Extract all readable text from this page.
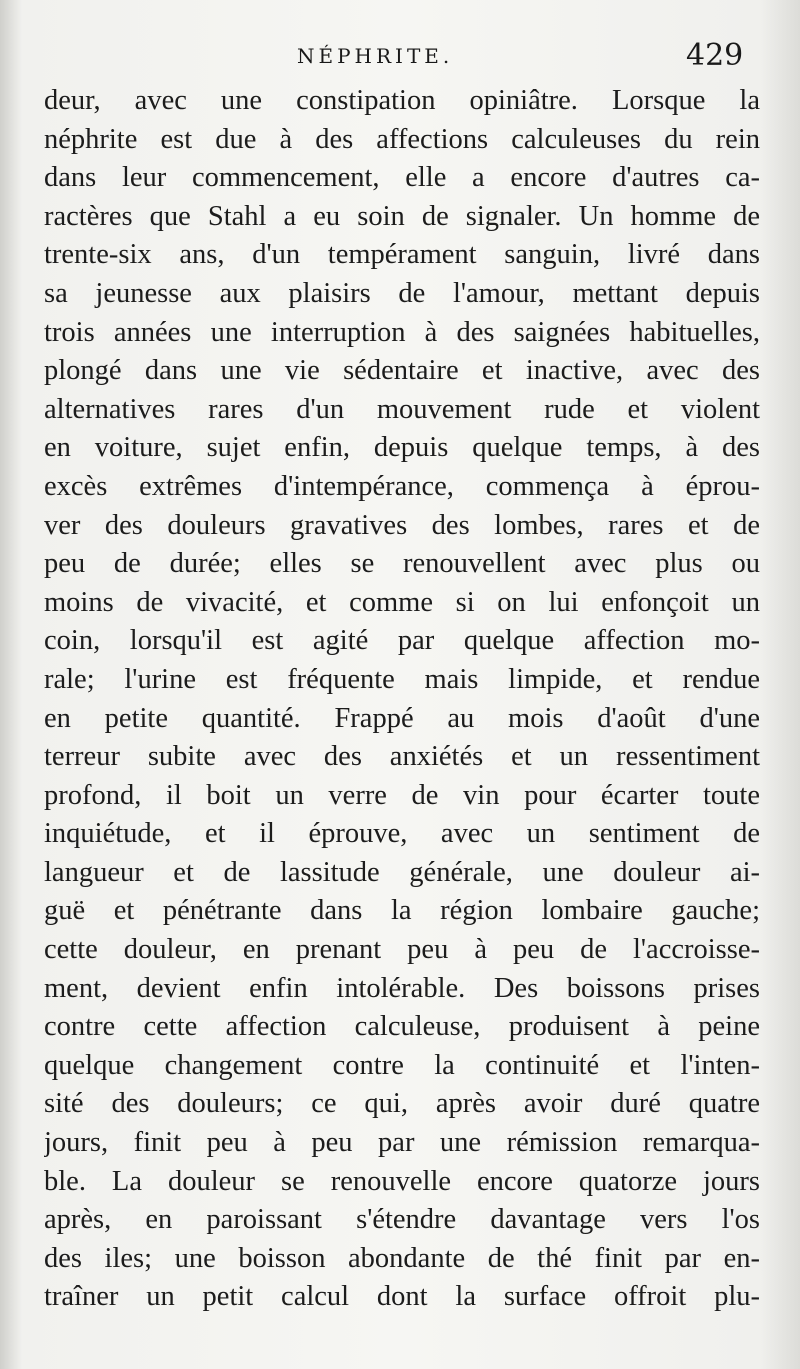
NÉPHRITE.	429
deur, avec une constipation opiniâtre. Lorsque la
néphrite est due à des affections calculeuses du rein
dans leur commencement, elle a encore d'autres ca-
ractères que Stahl a eu soin de signaler. Un homme de
trente-six ans, d'un tempérament sanguin, livré dans
sa jeunesse aux plaisirs de l'amour, mettant depuis
trois années une interruption à des saignées habituelles,
plongé dans une vie sédentaire et inactive, avec des
alternatives rares d'un mouvement rude et violent
en voiture, sujet enfin, depuis quelque temps, à des
excès extrêmes d'intempérance, commença à éprou-
ver des douleurs gravatives des lombes, rares et de
peu de durée; elles se renouvellent avec plus ou
moins de vivacité, et comme si on lui enfonçoit un
coin, lorsqu'il est agité par quelque affection mo-
rale; l'urine est fréquente mais limpide, et rendue
en petite quantité. Frappé au mois d'août d'une
terreur subite avec des anxiétés et un ressentiment
profond, il boit un verre de vin pour écarter toute
inquiétude, et il éprouve, avec un sentiment de
langueur et de lassitude générale, une douleur ai-
guë et pénétrante dans la région lombaire gauche;
cette douleur, en prenant peu à peu de l'accroisse-
ment, devient enfin intolérable. Des boissons prises
contre cette affection calculeuse, produisent à peine
quelque changement contre la continuité et l'inten-
sité des douleurs; ce qui, après avoir duré quatre
jours, finit peu à peu par une rémission remarqua-
ble. La douleur se renouvelle encore quatorze jours
après, en paroissant s'étendre davantage vers l'os
des iles; une boisson abondante de thé finit par en-
traîner un petit calcul dont la surface offroit plu-
